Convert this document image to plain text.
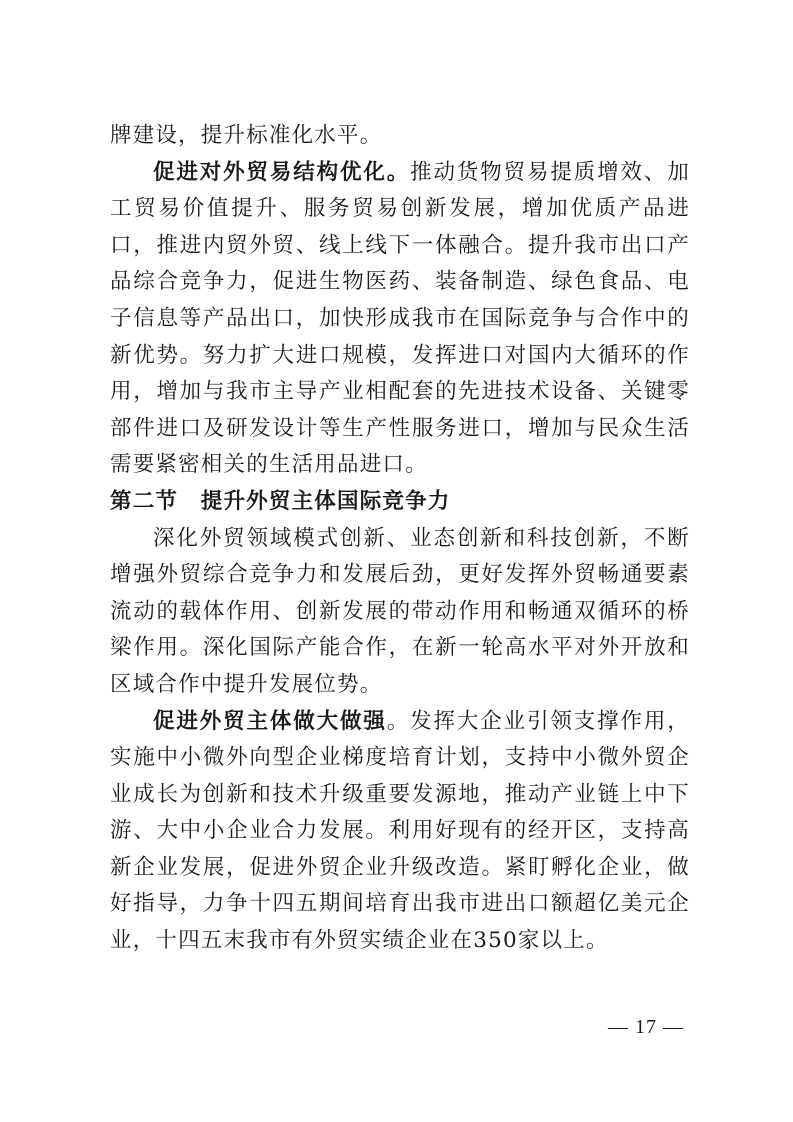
牌建设，提升标准化水平。

促进对外贸易结构优化。推动货物贸易提质增效、加工贸易价值提升、服务贸易创新发展，增加优质产品进口，推进内贸外贸、线上线下一体融合。提升我市出口产品综合竞争力，促进生物医药、装备制造、绿色食品、电子信息等产品出口，加快形成我市在国际竞争与合作中的新优势。努力扩大进口规模，发挥进口对国内大循环的作用，增加与我市主导产业相配套的先进技术设备、关键零部件进口及研发设计等生产性服务进口，增加与民众生活需要紧密相关的生活用品进口。

第二节　提升外贸主体国际竞争力

深化外贸领域模式创新、业态创新和科技创新，不断增强外贸综合竞争力和发展后劲，更好发挥外贸畅通要素流动的载体作用、创新发展的带动作用和畅通双循环的桥梁作用。深化国际产能合作，在新一轮高水平对外开放和区域合作中提升发展位势。

促进外贸主体做大做强。发挥大企业引领支撑作用，实施中小微外向型企业梯度培育计划，支持中小微外贸企业成长为创新和技术升级重要发源地，推动产业链上中下游、大中小企业合力发展。利用好现有的经开区，支持高新企业发展，促进外贸企业升级改造。紧盯孵化企业，做好指导，力争十四五期间培育出我市进出口额超亿美元企业，十四五末我市有外贸实绩企业在350家以上。

— 17 —
